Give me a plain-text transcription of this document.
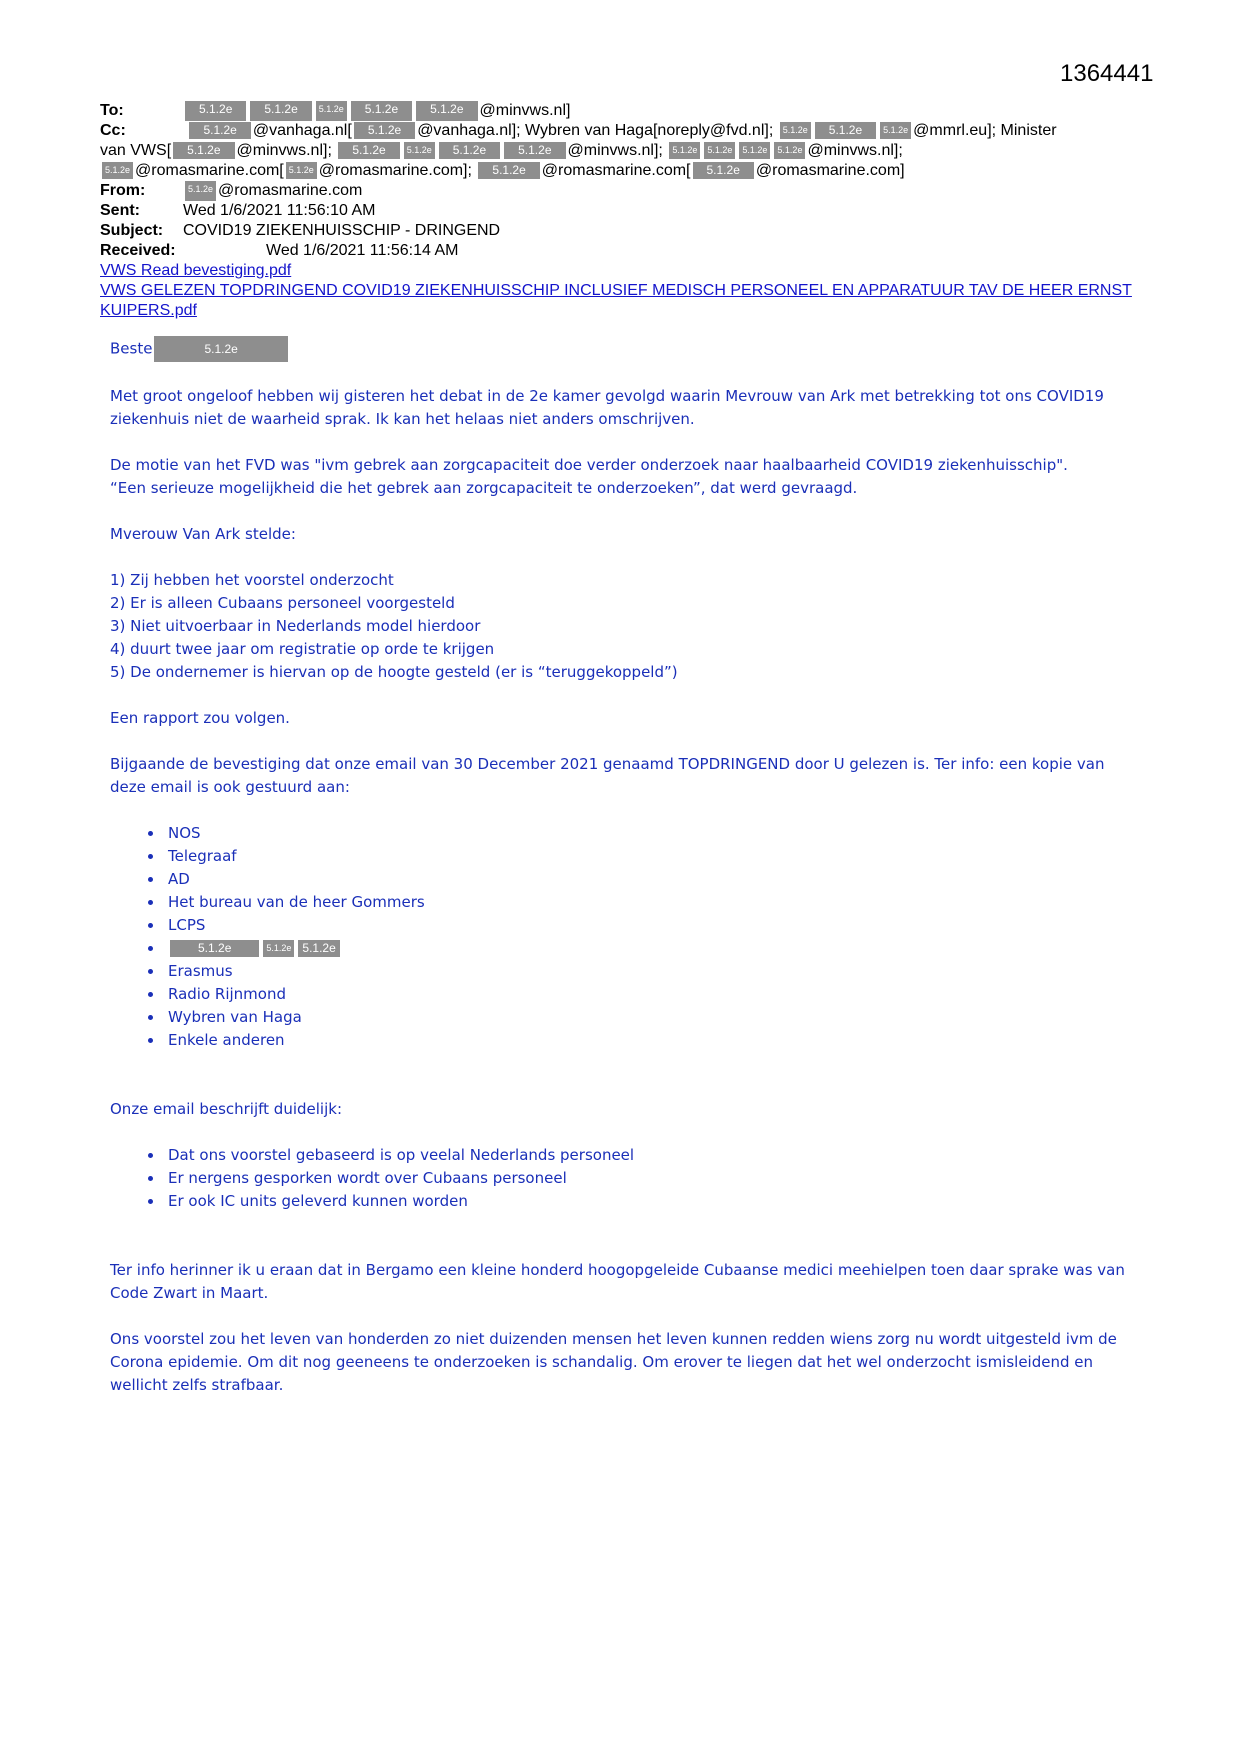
1364441
To:	5.1.2e	5.1.2e	5.1.2e	5.1.2e	5.1.2e	@minvws.nl]
Cc:	5.1.2e @vanhaga.nl[ 5.1.2e @vanhaga.nl]; Wybren van Haga[noreply@fvd.nl]; 5.1.2e 5.1.2e 5.1.2e @mmrl.eu]; Minister
van VWS[ 5.1.2e @minvws.nl]; 5.1.2e 5.1.2e 5.1.2e	5.1.2e @minvws.nl]; 5.1.2e 5.1.2e 5.1.2e 5.1.2e @minvws.nl];
5.1.2e @romasmarine.com[ 5.1.2e @romasmarine.com]; 5.1.2e @romasmarine.com[ 5.1.2e @romasmarine.com]
From:	5.1.2e @romasmarine.com
Sent:	Wed 1/6/2021 11:56:10 AM
Subject:	COVID19 ZIEKENHUISSCHIP - DRINGEND
Received:	Wed 1/6/2021 11:56:14 AM
VWS Read bevestiging.pdf
VWS GELEZEN TOPDRINGEND COVID19 ZIEKENHUISSCHIP INCLUSIEF MEDISCH PERSONEEL EN APPARATUUR TAV DE HEER ERNST KUIPERS.pdf

Beste	5.1.2e

Met groot ongeloof hebben wij gisteren het debat in de 2e kamer gevolgd waarin Mevrouw van Ark met betrekking tot ons COVID19 ziekenhuis niet de waarheid sprak. Ik kan het helaas niet anders omschrijven.

De motie van het FVD was "ivm gebrek aan zorgcapaciteit doe verder onderzoek naar haalbaarheid COVID19 ziekenhuisschip".
“Een serieuze mogelijkheid die het gebrek aan zorgcapaciteit te onderzoeken”, dat werd gevraagd.

Mverouw Van Ark stelde:

1) Zij hebben het voorstel onderzocht
2) Er is alleen Cubaans personeel voorgesteld
3) Niet uitvoerbaar in Nederlands model hierdoor
4) duurt twee jaar om registratie op orde te krijgen
5) De ondernemer is hiervan op de hoogte gesteld (er is “teruggekoppeld”)

Een rapport zou volgen.

Bijgaande de bevestiging dat onze email van 30 December 2021 genaamd TOPDRINGEND door U gelezen is. Ter info: een kopie van deze email is ook gestuurd aan:

• NOS
• Telegraaf
• AD
• Het bureau van de heer Gommers
• LCPS
• 5.1.2e	5.1.2e 5.1.2e
• Erasmus
• Radio Rijnmond
• Wybren van Haga
• Enkele anderen

Onze email beschrijft duidelijk:

• Dat ons voorstel gebaseerd is op veelal Nederlands personeel
• Er nergens gesporken wordt over Cubaans personeel
• Er ook IC units geleverd kunnen worden

Ter info herinner ik u eraan dat in Bergamo een kleine honderd hoogopgeleide Cubaanse medici meehielpen toen daar sprake was van Code Zwart in Maart.

Ons voorstel zou het leven van honderden zo niet duizenden mensen het leven kunnen redden wiens zorg nu wordt uitgesteld ivm de Corona epidemie. Om dit nog geeneens te onderzoeken is schandalig. Om erover te liegen dat het wel onderzocht ismisleidend en wellicht zelfs strafbaar.
